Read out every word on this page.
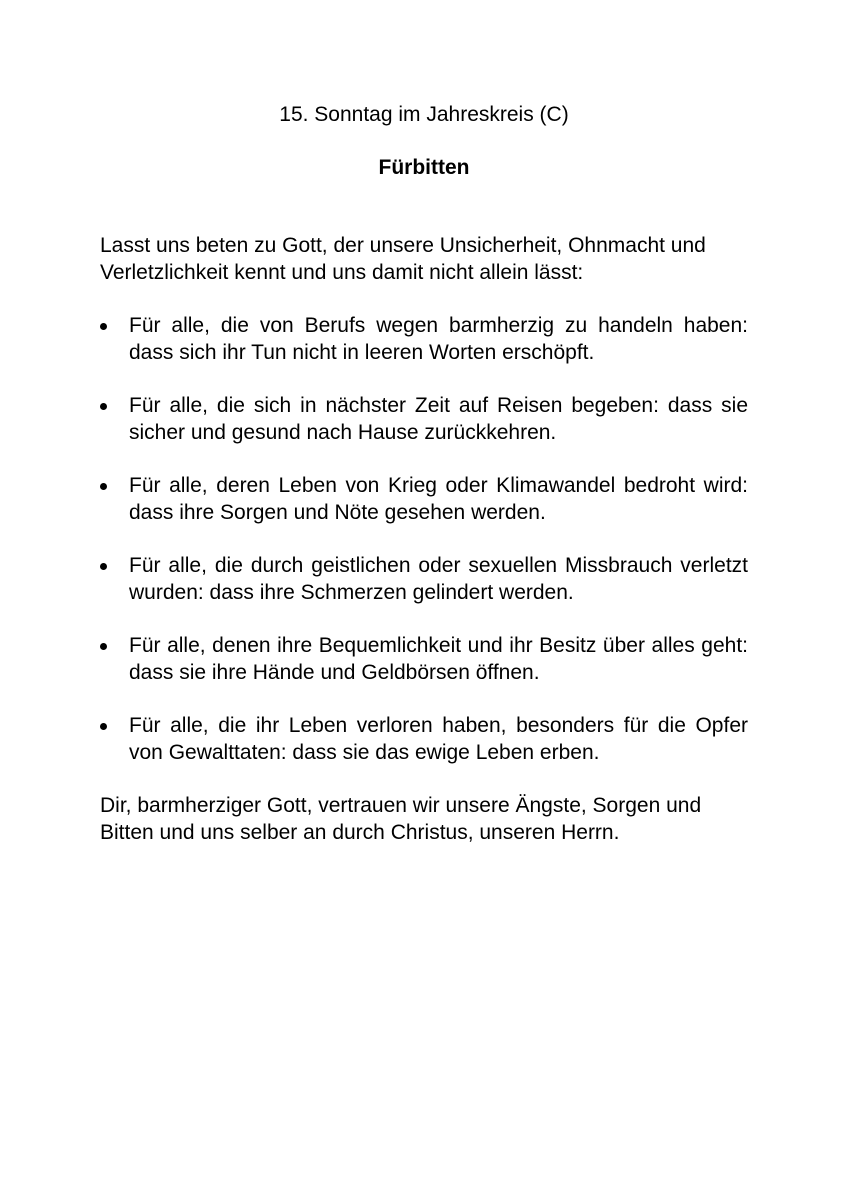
15. Sonntag im Jahreskreis (C)
Fürbitten

Lasst uns beten zu Gott, der unsere Unsicherheit, Ohnmacht und Verletzlichkeit kennt und uns damit nicht allein lässt:

Für alle, die von Berufs wegen barmherzig zu handeln haben: dass sich ihr Tun nicht in leeren Worten erschöpft.
Für alle, die sich in nächster Zeit auf Reisen begeben: dass sie sicher und gesund nach Hause zurückkehren.
Für alle, deren Leben von Krieg oder Klimawandel bedroht wird: dass ihre Sorgen und Nöte gesehen werden.
Für alle, die durch geistlichen oder sexuellen Missbrauch verletzt wurden: dass ihre Schmerzen gelindert werden.
Für alle, denen ihre Bequemlichkeit und ihr Besitz über alles geht: dass sie ihre Hände und Geldbörsen öffnen.
Für alle, die ihr Leben verloren haben, besonders für die Opfer von Gewalttaten: dass sie das ewige Leben erben.

Dir, barmherziger Gott, vertrauen wir unsere Ängste, Sorgen und Bitten und uns selber an durch Christus, unseren Herrn.
